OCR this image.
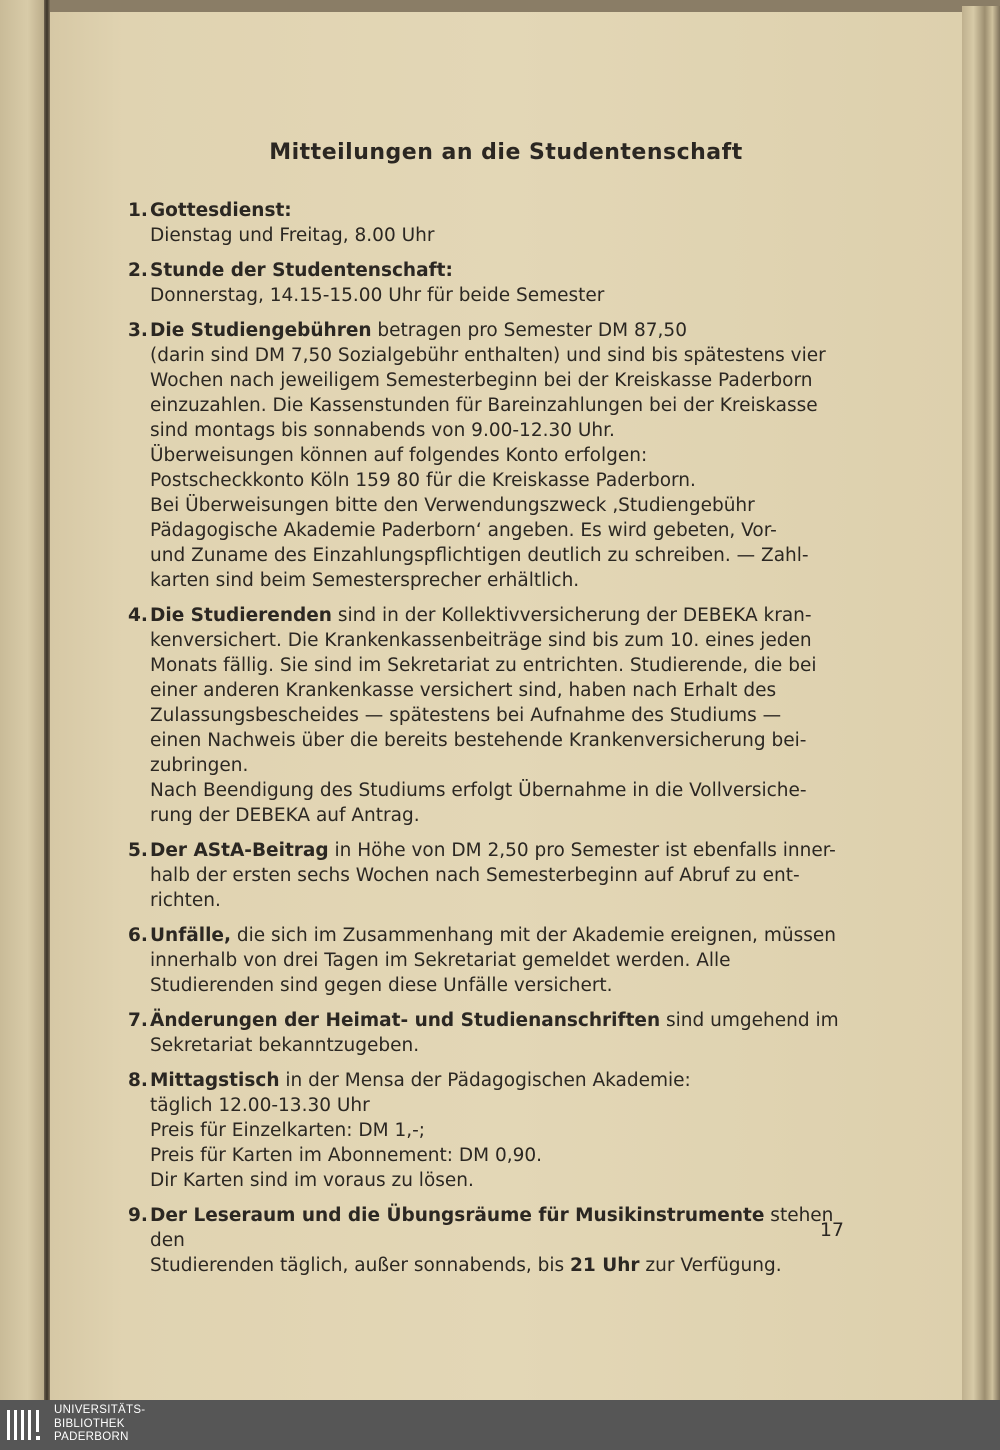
Mitteilungen an die Studentenschaft
1. Gottesdienst:
Dienstag und Freitag, 8.00 Uhr
2. Stunde der Studentenschaft:
Donnerstag, 14.15-15.00 Uhr für beide Semester
3. Die Studiengebühren betragen pro Semester DM 87,50
(darin sind DM 7,50 Sozialgebühr enthalten) und sind bis spätestens vier
Wochen nach jeweiligem Semesterbeginn bei der Kreiskasse Paderborn
einzuzahlen. Die Kassenstunden für Bareinzahlungen bei der Kreiskasse
sind montags bis sonnabends von 9.00-12.30 Uhr.
Überweisungen können auf folgendes Konto erfolgen:
Postscheckkonto Köln 159 80 für die Kreiskasse Paderborn.
Bei Überweisungen bitte den Verwendungszweck ‚Studiengebühr
Pädagogische Akademie Paderborn‘ angeben. Es wird gebeten, Vor-
und Zuname des Einzahlungspflichtigen deutlich zu schreiben. — Zahl-
karten sind beim Semestersprecher erhältlich.
4. Die Studierenden sind in der Kollektivversicherung der DEBEKA kran-
kenversichert. Die Krankenkassenbeiträge sind bis zum 10. eines jeden
Monats fällig. Sie sind im Sekretariat zu entrichten. Studierende, die bei
einer anderen Krankenkasse versichert sind, haben nach Erhalt des
Zulassungsbescheides — spätestens bei Aufnahme des Studiums —
einen Nachweis über die bereits bestehende Krankenversicherung bei-
zubringen.
Nach Beendigung des Studiums erfolgt Übernahme in die Vollversiche-
rung der DEBEKA auf Antrag.
5. Der AStA-Beitrag in Höhe von DM 2,50 pro Semester ist ebenfalls inner-
halb der ersten sechs Wochen nach Semesterbeginn auf Abruf zu ent-
richten.
6. Unfälle, die sich im Zusammenhang mit der Akademie ereignen, müssen
innerhalb von drei Tagen im Sekretariat gemeldet werden. Alle
Studierenden sind gegen diese Unfälle versichert.
7. Änderungen der Heimat- und Studienanschriften sind umgehend im
Sekretariat bekanntzugeben.
8. Mittagstisch in der Mensa der Pädagogischen Akademie:
täglich 12.00-13.30 Uhr
Preis für Einzelkarten: DM 1,-;
Preis für Karten im Abonnement: DM 0,90.
Dir Karten sind im voraus zu lösen.
9. Der Leseraum und die Übungsräume für Musikinstrumente stehen den
Studierenden täglich, außer sonnabends, bis 21 Uhr zur Verfügung.
17
UNIVERSITÄTS-
BIBLIOTHEK
PADERBORN
